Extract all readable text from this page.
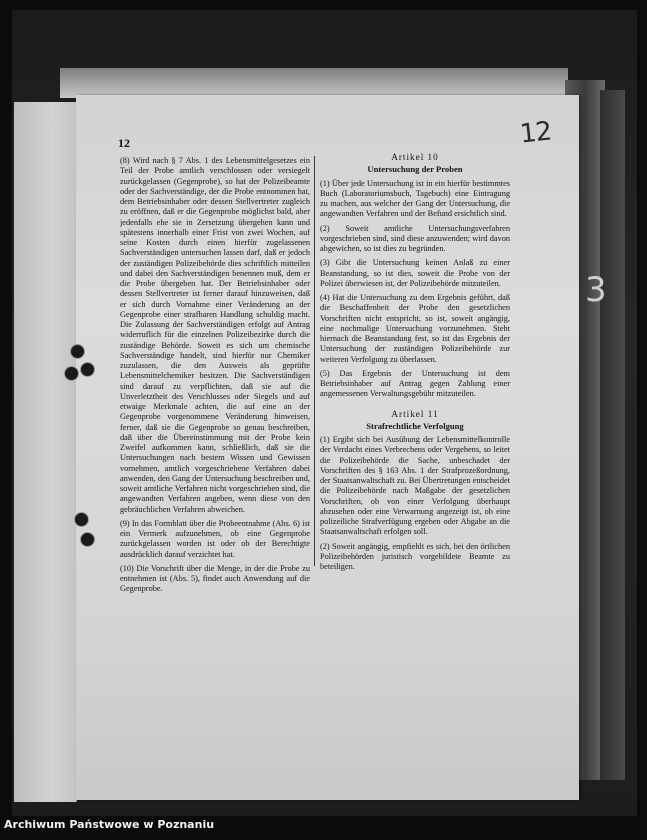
3
12	12

(8) Wird nach § 7 Abs. 1 des Lebensmittelgesetzes ein Teil der Probe amtlich verschlossen oder versiegelt zurückgelassen (Gegenprobe), so hat der Polizeibeamte oder der Sachverständige, der die Probe entnommen hat, dem Betriebsinhaber oder dessen Stellvertreter zugleich zu eröffnen, daß er die Gegenprobe möglichst bald, aber jedenfalls ehe sie in Zersetzung übergehen kann und spätestens innerhalb einer Frist von zwei Wochen, auf seine Kosten durch einen hierfür zugelassenen Sachverständigen untersuchen lassen darf, daß er jedoch der zuständigen Polizeibehörde dies schriftlich mitteilen und dabei den Sachverständigen benennen muß, dem er die Probe übergeben hat. Der Betriebsinhaber oder dessen Stellvertreter ist ferner darauf hinzuweisen, daß er sich durch Vornahme einer Veränderung an der Gegenprobe einer strafbaren Handlung schuldig macht. Die Zulassung der Sachverständigen erfolgt auf Antrag widerruflich für die einzelnen Polizeibezirke durch die zuständige Behörde. Soweit es sich um chemische Sachverständige handelt, sind hierfür nur Chemiker zuzulassen, die den Ausweis als geprüfte Lebensmittelchemiker besitzen. Die Sachverständigen sind darauf zu verpflichten, daß sie auf die Unverletztheit des Verschlusses oder Siegels und auf etwaige Merkmale achten, die auf eine an der Gegenprobe vorgenommene Veränderung hinweisen, ferner, daß sie die Gegenprobe so genau beschreiben, daß über die Übereinstimmung mit der Probe kein Zweifel aufkommen kann, schließlich, daß sie die Untersuchungen nach bestem Wissen und Gewissen vornehmen, amtlich vorgeschriebene Verfahren dabei anwenden, den Gang der Untersuchung beschreiben und, soweit amtliche Verfahren nicht vorgeschrieben sind, die angewandten Verfahren angeben, wenn diese von den gebräuchlichen Verfahren abweichen.

(9) In das Formblatt über die Probeentnahme (Abs. 6) ist ein Vermerk aufzunehmen, ob eine Gegenprobe zurückgelassen worden ist oder ob der Berechtigte ausdrücklich darauf verzichtet hat.

(10) Die Vorschrift über die Menge, in der die Probe zu entnehmen ist (Abs. 5), findet auch Anwendung auf die Gegenprobe.

Artikel 10
Untersuchung der Proben

(1) Über jede Untersuchung ist in ein hierfür bestimmtes Buch (Laboratoriumsbuch, Tagebuch) eine Eintragung zu machen, aus welcher der Gang der Untersuchung, die angewandten Verfahren und der Befund ersichtlich sind.

(2) Soweit amtliche Untersuchungsverfahren vorgeschrieben sind, sind diese anzuwenden; wird davon abgewichen, so ist dies zu begründen.

(3) Gibt die Untersuchung keinen Anlaß zu einer Beanstandung, so ist dies, soweit die Probe von der Polizei überwiesen ist, der Polizeibehörde mitzuteilen.

(4) Hat die Untersuchung zu dem Ergebnis geführt, daß die Beschaffenheit der Probe den gesetzlichen Vorschriften nicht entspricht, so ist, soweit angängig, eine nochmalige Untersuchung vorzunehmen. Steht hiernach die Beanstandung fest, so ist das Ergebnis der Untersuchung der zuständigen Polizeibehörde zur weiteren Verfolgung zu überlassen.

(5) Das Ergebnis der Untersuchung ist dem Betriebsinhaber auf Antrag gegen Zahlung einer angemessenen Verwaltungsgebühr mitzuteilen.

Artikel 11
Strafrechtliche Verfolgung

(1) Ergibt sich bei Ausübung der Lebensmittelkontrolle der Verdacht eines Verbrechens oder Vergehens, so leitet die Polizeibehörde die Sache, unbeschadet der Vorschriften des § 163 Abs. 1 der Strafprozeßordnung, der Staatsanwaltschaft zu. Bei Übertretungen entscheidet die Polizeibehörde nach Maßgabe der gesetzlichen Vorschriften, ob von einer Verfolgung überhaupt abzusehen oder eine Verwarnung angezeigt ist, ob eine polizeiliche Strafverfügung ergehen oder Abgabe an die Staatsanwaltschaft erfolgen soll.

(2) Soweit angängig, empfiehlt es sich, bei den örtlichen Polizeibehörden juristisch vorgebildete Beamte zu beteiligen.

Archiwum Państwowe w Poznaniu
